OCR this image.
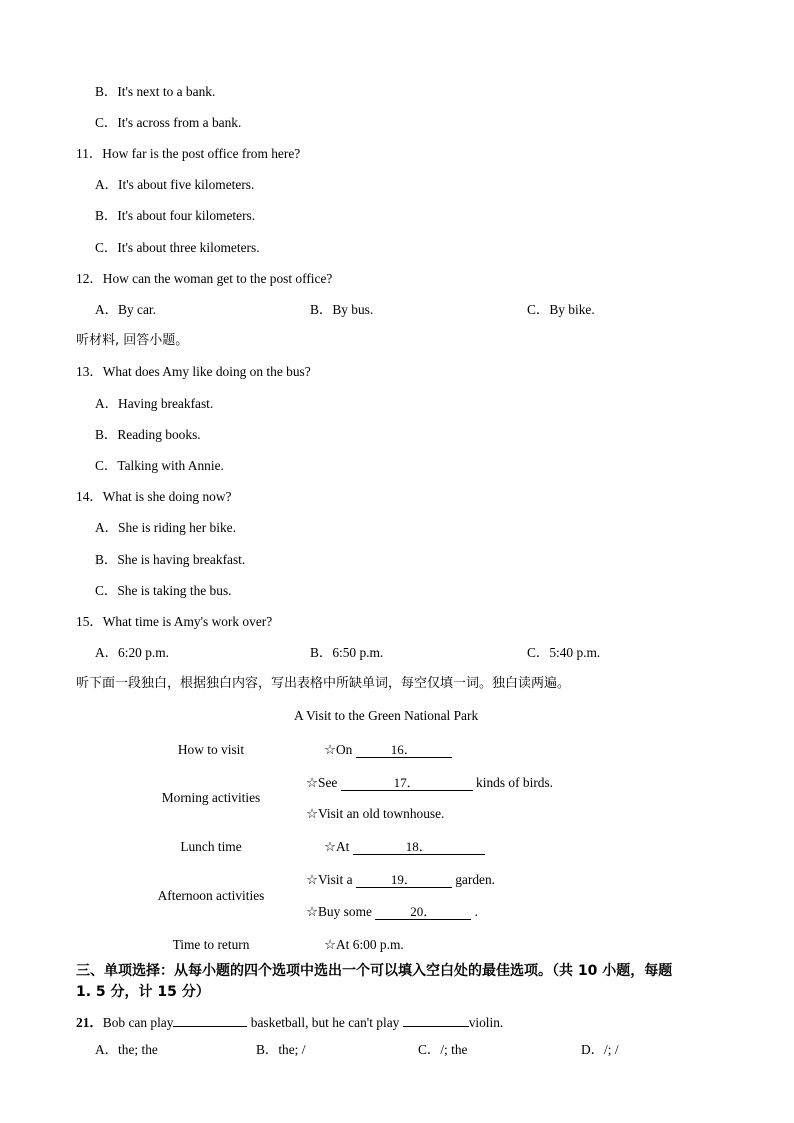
B．It's next to a bank.
C．It's across from a bank.
11．How far is the post office from here?
A．It's about five kilometers.
B．It's about four kilometers.
C．It's about three kilometers.
12．How can the woman get to the post office?
A．By car.	B．By bus.	C．By bike.
听材料, 回答小题。
13．What does Amy like doing on the bus?
A．Having breakfast.
B．Reading books.
C．Talking with Annie.
14．What is she doing now?
A．She is riding her bike.
B．She is having breakfast.
C．She is taking the bus.
15．What time is Amy's work over?
A．6:20 p.m.	B．6:50 p.m.	C．5:40 p.m.
听下面一段独白，根据独白内容，写出表格中所缺单词，每空仅填一词。独白读两遍。
A Visit to the Green National Park
How to visit	☆On	16．
Morning activities
☆See	17．	kinds of birds.
☆Visit an old townhouse.
Lunch time	☆At	18．
Afternoon activities
☆Visit a	19．	garden.
☆Buy some	20．	.
Time to return	☆At 6:00 p.m.
三、单项选择：从每小题的四个选项中选出一个可以填入空白处的最佳选项。（共 10 小题，每题
1. 5 分，计 15 分）
21．Bob can play	basketball, but he can't play	violin.
A．the; the	B．the; /	C．/; the	D．/; /
